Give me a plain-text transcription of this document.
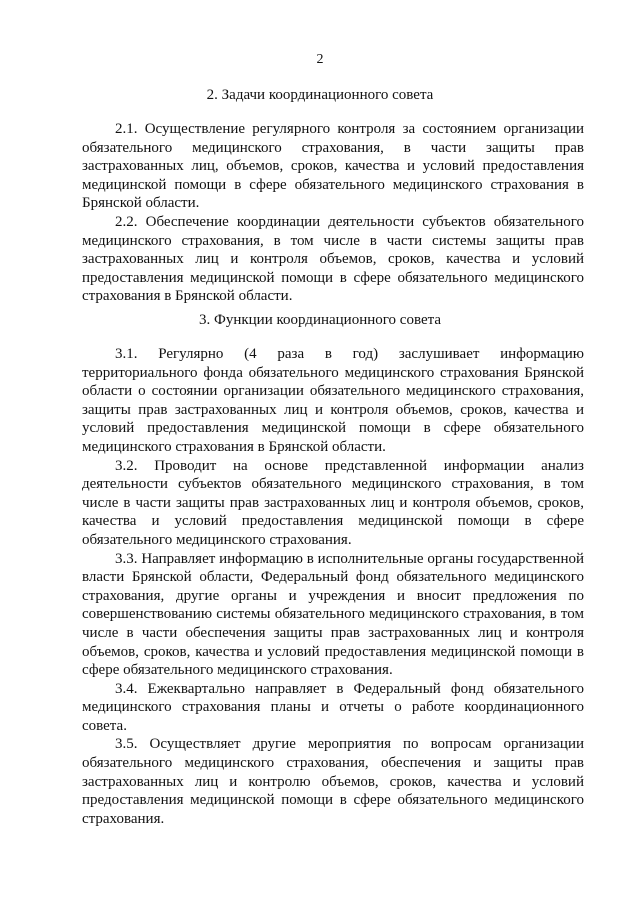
2
2. Задачи координационного совета

2.1. Осуществление регулярного контроля за состоянием организации обязательного медицинского страхования, в части защиты прав застрахованных лиц, объемов, сроков, качества и условий предоставления медицинской помощи в сфере обязательного медицинского страхования в Брянской области.

2.2. Обеспечение координации деятельности субъектов обязательного медицинского страхования, в том числе в части системы защиты прав застрахованных лиц и контроля объемов, сроков, качества и условий предоставления медицинской помощи в сфере обязательного медицинского страхования в Брянской области.

3. Функции координационного совета

3.1. Регулярно (4 раза в год) заслушивает информацию территориального фонда обязательного медицинского страхования Брянской области о состоянии организации обязательного медицинского страхования, защиты прав застрахованных лиц и контроля объемов, сроков, качества и условий предоставления медицинской помощи в сфере обязательного медицинского страхования в Брянской области.

3.2. Проводит на основе представленной информации анализ деятельности субъектов обязательного медицинского страхования, в том числе в части защиты прав застрахованных лиц и контроля объемов, сроков, качества и условий предоставления медицинской помощи в сфере обязательного медицинского страхования.

3.3. Направляет информацию в исполнительные органы государственной власти Брянской области, Федеральный фонд обязательного медицинского страхования, другие органы и учреждения и вносит предложения по совершенствованию системы обязательного медицинского страхования, в том числе в части обеспечения защиты прав застрахованных лиц и контроля объемов, сроков, качества и условий предоставления медицинской помощи в сфере обязательного медицинского страхования.

3.4. Ежеквартально направляет в Федеральный фонд обязательного медицинского страхования планы и отчеты о работе координационного совета.

3.5. Осуществляет другие мероприятия по вопросам организации обязательного медицинского страхования, обеспечения и защиты прав застрахованных лиц и контролю объемов, сроков, качества и условий предоставления медицинской помощи в сфере обязательного медицинского страхования.
